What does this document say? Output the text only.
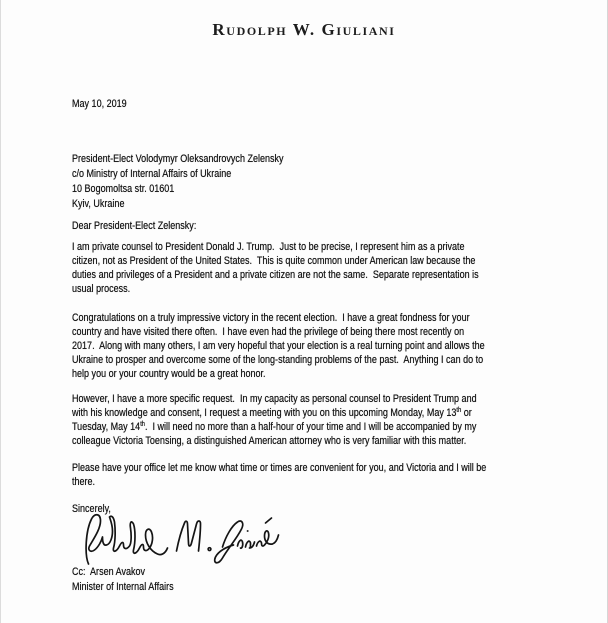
Rudolph W. Giuliani
May 10, 2019
President-Elect Volodymyr Oleksandrovych Zelensky
c/o Ministry of Internal Affairs of Ukraine
10 Bogomoltsa str. 01601
Kyiv, Ukraine
Dear President-Elect Zelensky:
I am private counsel to President Donald J. Trump.  Just to be precise, I represent him as a private
citizen, not as President of the United States.  This is quite common under American law because the
duties and privileges of a President and a private citizen are not the same.  Separate representation is
usual process.
Congratulations on a truly impressive victory in the recent election.  I have a great fondness for your
country and have visited there often.  I have even had the privilege of being there most recently on
2017.  Along with many others, I am very hopeful that your election is a real turning point and allows the
Ukraine to prosper and overcome some of the long-standing problems of the past.  Anything I can do to
help you or your country would be a great honor.
However, I have a more specific request.  In my capacity as personal counsel to President Trump and
with his knowledge and consent, I request a meeting with you on this upcoming Monday, May 13th or
Tuesday, May 14th.  I will need no more than a half-hour of your time and I will be accompanied by my
colleague Victoria Toensing, a distinguished American attorney who is very familiar with this matter.
Please have your office let me know what time or times are convenient for you, and Victoria and I will be
there.
Sincerely,
Cc:  Arsen Avakov
Minister of Internal Affairs
